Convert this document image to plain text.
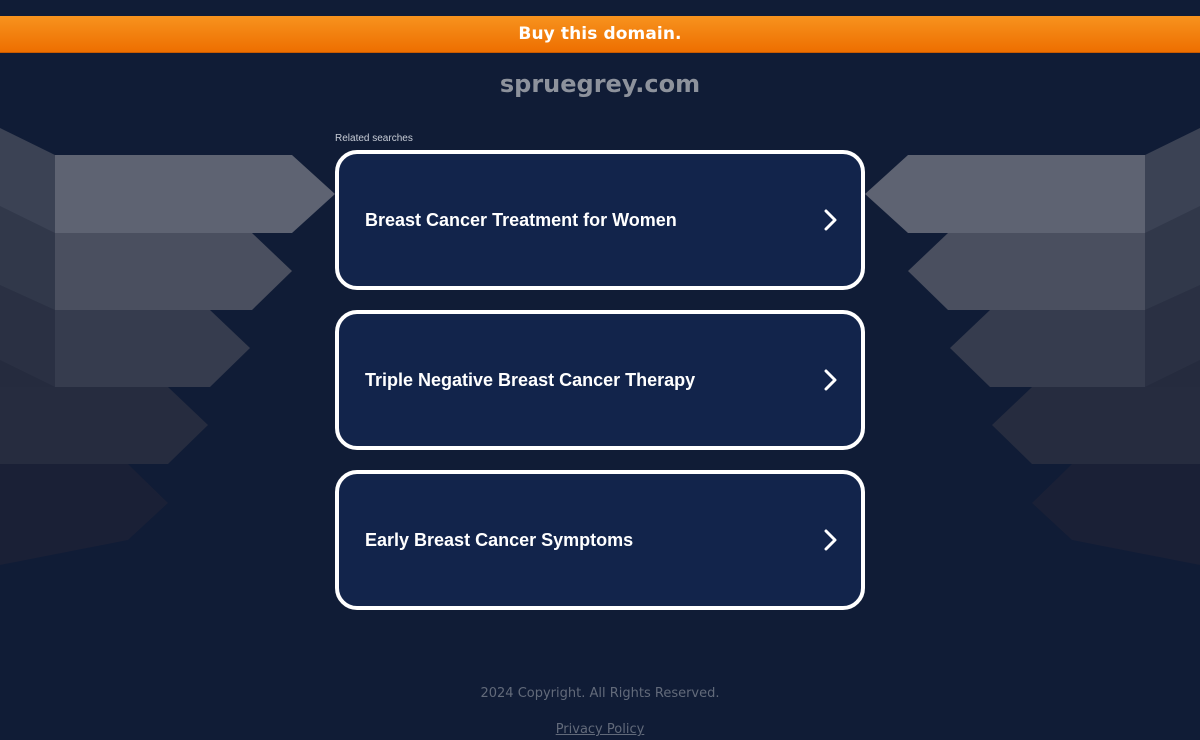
Buy this domain.
spruegrey.com
Related searches
Breast Cancer Treatment for Women
Triple Negative Breast Cancer Therapy
Early Breast Cancer Symptoms
2024 Copyright. All Rights Reserved.
Privacy Policy
